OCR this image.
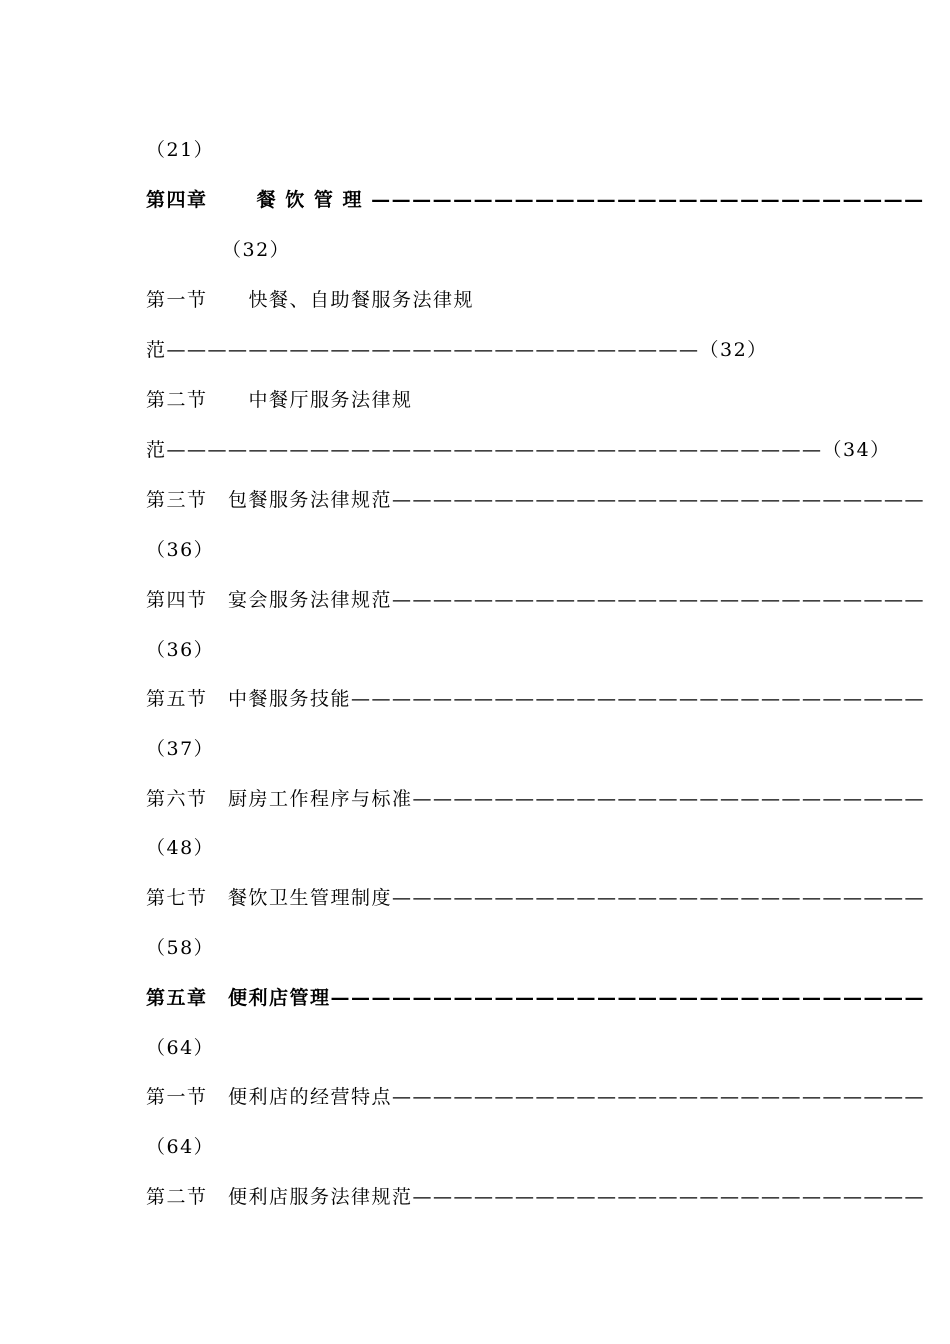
（21）
第四章　　 餐 饮 管 理 ———————————————————————————
（32）
第一节　　快餐、自助餐服务法律规
范——————————————————————————（32）
第二节　　中餐厅服务法律规
范————————————————————————————————（34）
第三节　包餐服务法律规范——————————————————————————
（36）
第四节　宴会服务法律规范——————————————————————————
（36）
第五节　中餐服务技能————————————————————————————
（37）
第六节　厨房工作程序与标准—————————————————————————
（48）
第七节　餐饮卫生管理制度——————————————————————————
（58）
第五章　便利店管理—————————————————————————————
（64）
第一节　便利店的经营特点——————————————————————————
（64）
第二节　便利店服务法律规范—————————————————————————
